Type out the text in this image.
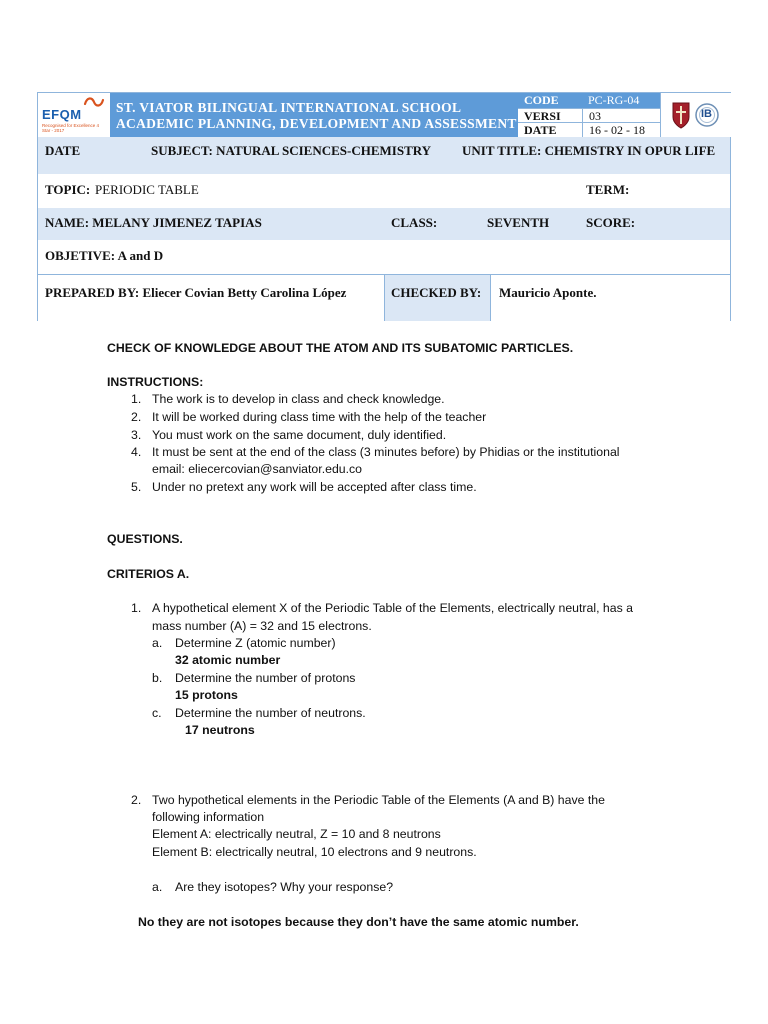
EFQM
Recognised for Excellence 4 Star - 2017
ST. VIATOR BILINGUAL INTERNATIONAL SCHOOL
ACADEMIC PLANNING, DEVELOPMENT AND ASSESSMENT
CODE	PC-RG-04
VERSI	03
DATE	16 - 02 - 18
IB
DATE	SUBJECT: NATURAL SCIENCES-CHEMISTRY UNIT TITLE: CHEMISTRY IN OPUR LIFE
TOPIC: PERIODIC TABLE	TERM:
NAME: MELANY JIMENEZ TAPIAS	CLASS:	SEVENTH	SCORE:
OBJETIVE: A and D
PREPARED BY: Eliecer Covian Betty Carolina López	CHECKED BY: Mauricio Aponte.
CHECK OF KNOWLEDGE ABOUT THE ATOM AND ITS SUBATOMIC PARTICLES.
INSTRUCTIONS:
1. The work is to develop in class and check knowledge.
2. It will be worked during class time with the help of the teacher
3. You must work on the same document, duly identified.
4. It must be sent at the end of the class (3 minutes before) by Phidias or the institutional
email: eliecercovian@sanviator.edu.co
5. Under no pretext any work will be accepted after class time.
QUESTIONS.
CRITERIOS A.
1. A hypothetical element X of the Periodic Table of the Elements, electrically neutral, has a
mass number (A) = 32 and 15 electrons.
a. Determine Z (atomic number)
32 atomic number
b. Determine the number of protons
15 protons
c. Determine the number of neutrons.
17 neutrons
2. Two hypothetical elements in the Periodic Table of the Elements (A and B) have the
following information
Element A: electrically neutral, Z = 10 and 8 neutrons
Element B: electrically neutral, 10 electrons and 9 neutrons.
a. Are they isotopes? Why your response?
No they are not isotopes because they don’t have the same atomic number.
